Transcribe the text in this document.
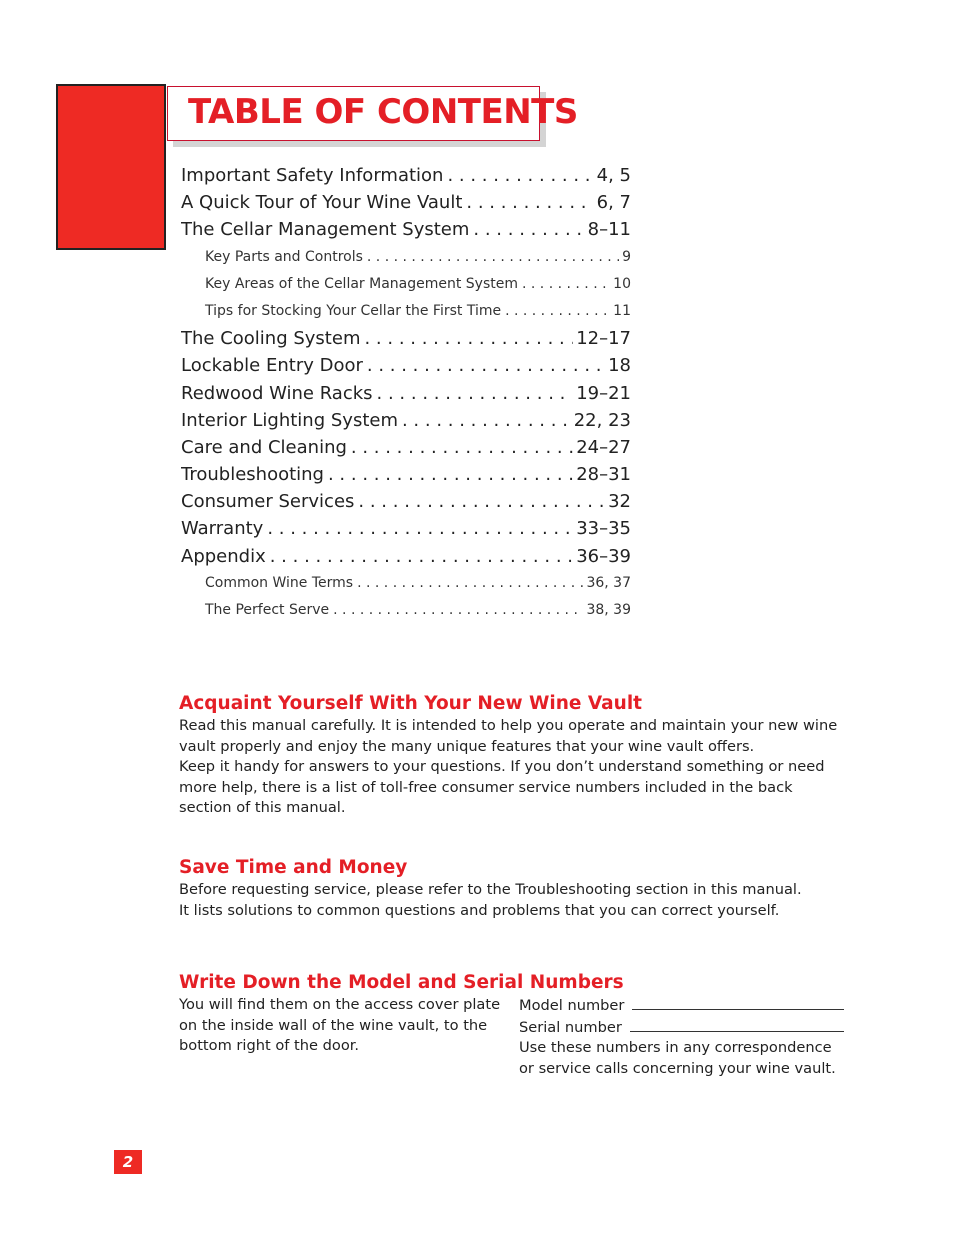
TABLE OF CONTENTS
Important Safety Information . . .	4, 5
A Quick Tour of Your Wine Vault . . .	6, 7
The Cellar Management System . . .	8–11
Key Parts and Controls . . .	9
Key Areas of the Cellar Management System . . .	10
Tips for Stocking Your Cellar the First Time . . .	11
The Cooling System . . .	12–17
Lockable Entry Door . . .	18
Redwood Wine Racks . . .	19–21
Interior Lighting System . . .	22, 23
Care and Cleaning . . .	24–27
Troubleshooting . . .	28–31
Consumer Services . . .	32
Warranty . . .	33–35
Appendix . . .	36–39
Common Wine Terms . . .	36, 37
The Perfect Serve . . .	38, 39
Acquaint Yourself With Your New Wine Vault

Read this manual carefully. It is intended to help you operate and maintain your new wine vault properly and enjoy the many unique features that your wine vault offers.

Keep it handy for answers to your questions. If you don’t understand something or need more help, there is a list of toll-free consumer service numbers included in the back section of this manual.

Save Time and Money

Before requesting service, please refer to the Troubleshooting section in this manual.

It lists solutions to common questions and problems that you can correct yourself.

Write Down the Model and Serial Numbers
You will find them on the access cover plate on the inside wall of the wine vault, to the bottom right of the door.
Model number
Serial number
Use these numbers in any correspondence or service calls concerning your wine vault.
2
